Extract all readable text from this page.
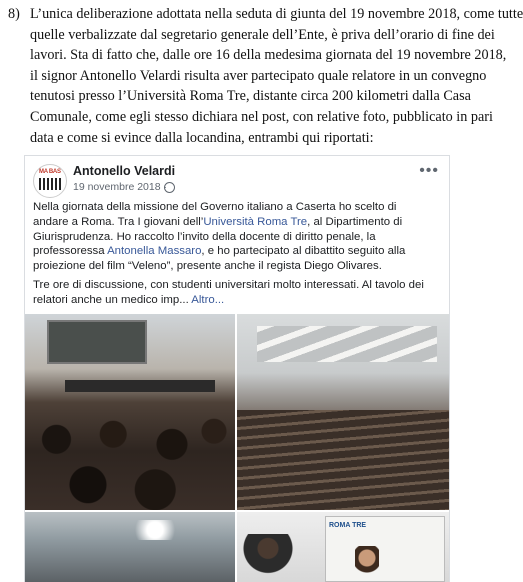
8) L’unica deliberazione adottata nella seduta di giunta del 19 novembre 2018, come tutte
quelle verbalizzate dal segretario generale dell’Ente, è priva dell’orario di fine dei
lavori. Sta di fatto che, dalle ore 16 della medesima giornata del 19 novembre 2018,
il signor Antonello Velardi risulta aver partecipato quale relatore in un convegno
tenutosi presso l’Università Roma Tre, distante circa 200 kilometri dalla Casa
Comunale, come egli stesso dichiara nel post, con relative foto, pubblicato in pari
data e come si evince dalla locandina, entrambi qui riportati:
MA BAS Antonello Velardi
19 novembre 2018 ·
•••
Nella giornata della missione del Governo italiano a Caserta ho scelto di
andare a Roma. Tra I giovani dell’Università Roma Tre, al Dipartimento di
Giurisprudenza. Ho raccolto l’invito della docente di diritto penale, la
professoressa Antonella Massaro, e ho partecipato al dibattito seguito alla
proiezione del film “Veleno”, presente anche il regista Diego Olivares.
Tre ore di discussione, con studenti universitari molto interessati. Al tavolo dei
relatori anche un medico imp... Altro...
ROMA TRE
